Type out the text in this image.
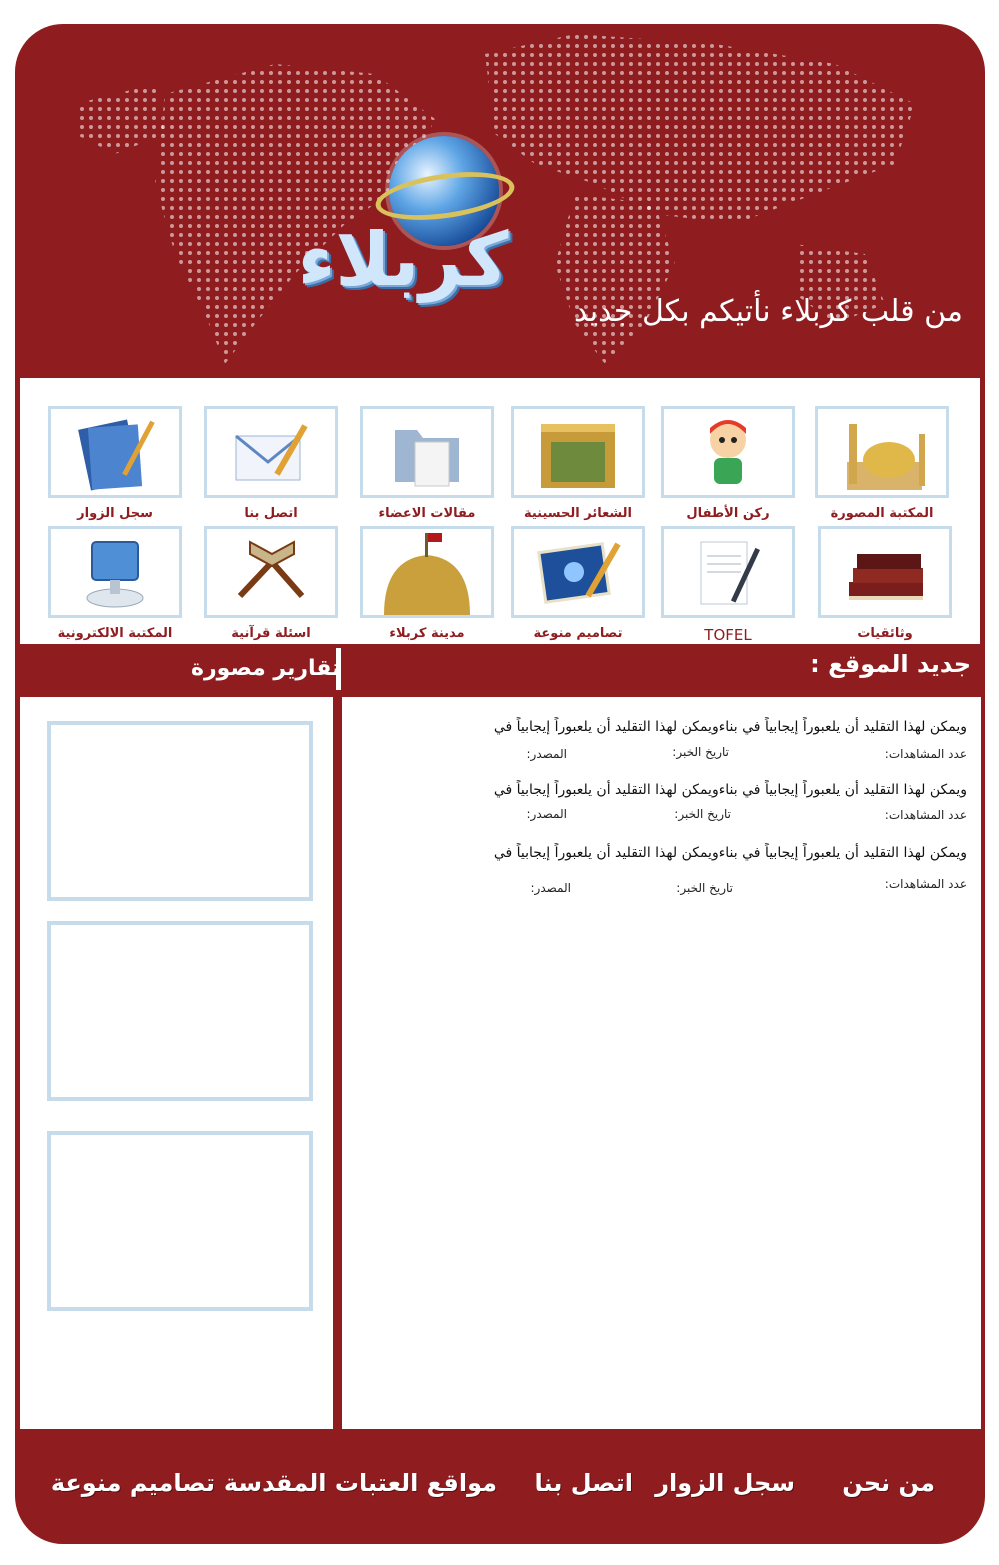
كربلاء
من قلب كربلاء نأتيكم بكل جديد
المكتبة المصورة
ركن الأطفال
الشعائر الحسينية
مقالات الاعضاء
اتصل بنا
سجل الزوار
وثائقيات
TOFEL
تصاميم منوعة
مدينة كربلاء
اسئلة قرآنية
المكتبة الالكترونية
جديد الموقع :
تقارير مصورة
ويمكن لهذا التقليد أن يلعبوراً إيجابياً في بناءويمكن لهذا التقليد أن يلعبوراً إيجابياً في
عدد المشاهدات:
تاريخ الخبر:
المصدر:
ويمكن لهذا التقليد أن يلعبوراً إيجابياً في بناءويمكن لهذا التقليد أن يلعبوراً إيجابياً في
عدد المشاهدات:
تاريخ الخبر:
المصدر:
ويمكن لهذا التقليد أن يلعبوراً إيجابياً في بناءويمكن لهذا التقليد أن يلعبوراً إيجابياً في
عدد المشاهدات:
تاريخ الخبر:
المصدر:
من نحن
سجل الزوار
اتصل بنا
مواقع العتبات المقدسة
تصاميم منوعة
